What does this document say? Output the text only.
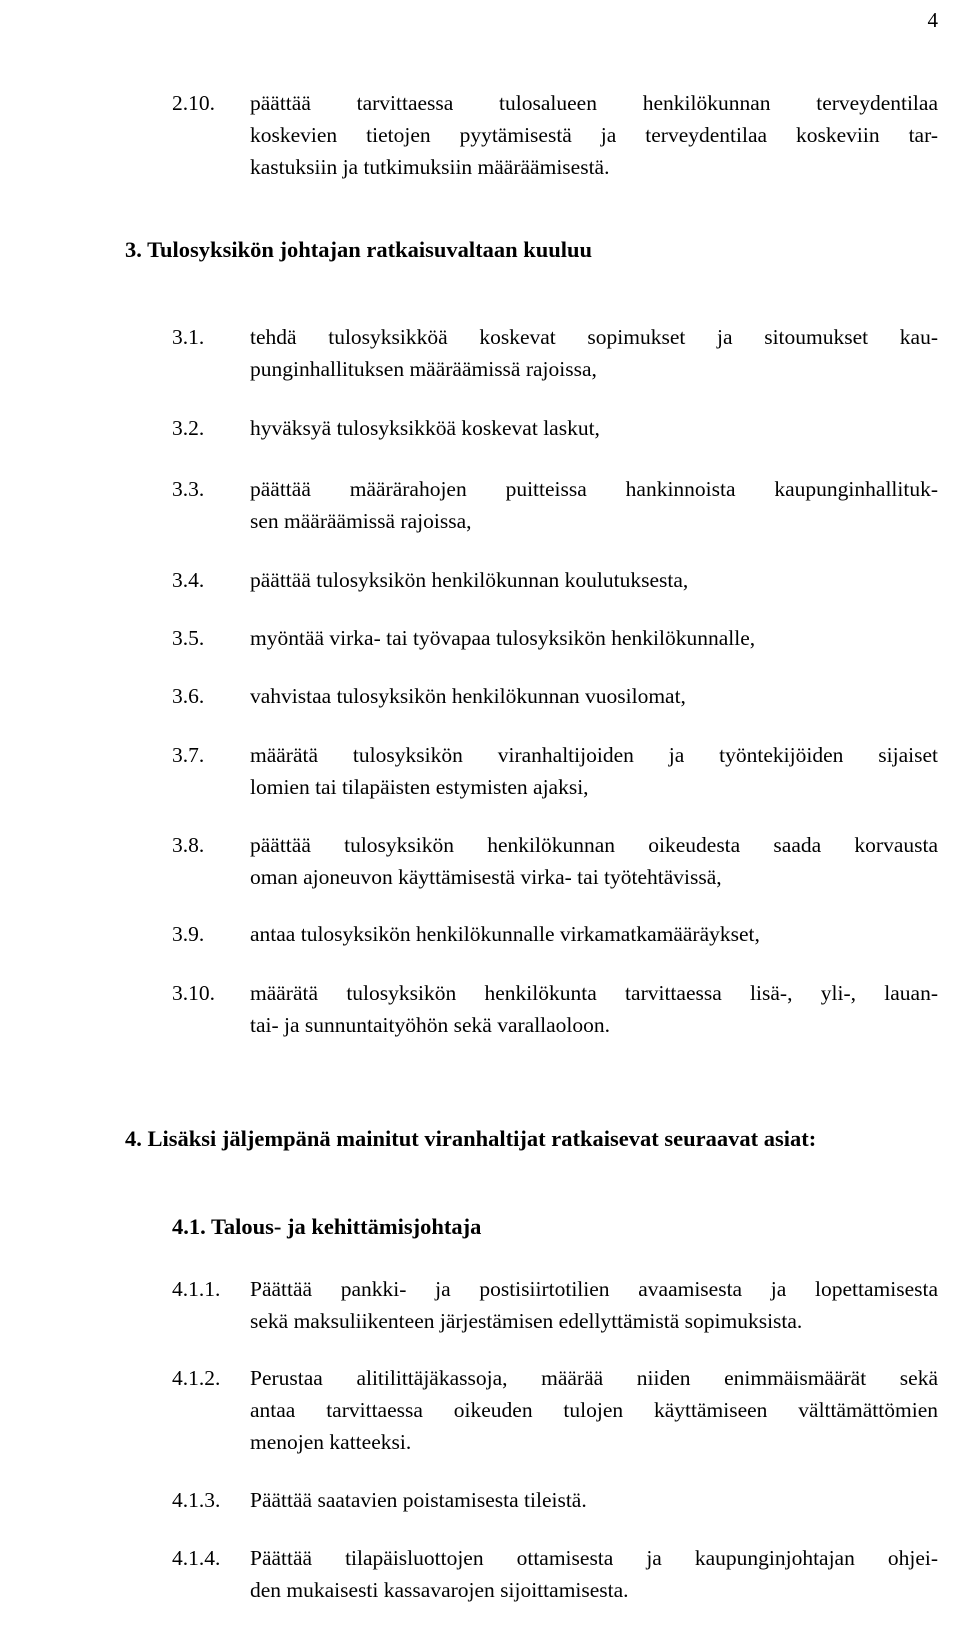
4
2.10. päättää tarvittaessa tulosalueen henkilökunnan terveydentilaa
koskevien tietojen pyytämisestä ja terveydentilaa koskeviin tar-
kastuksiin ja tutkimuksiin määräämisestä.
3. Tulosyksikön johtajan ratkaisuvaltaan kuuluu
3.1. tehdä tulosyksikköä koskevat sopimukset ja sitoumukset kau-
punginhallituksen määräämissä rajoissa,
3.2. hyväksyä tulosyksikköä koskevat laskut,
3.3. päättää määrärahojen puitteissa hankinnoista kaupunginhallituk-
sen määräämissä rajoissa,
3.4. päättää tulosyksikön henkilökunnan koulutuksesta,
3.5. myöntää virka- tai työvapaa tulosyksikön henkilökunnalle,
3.6. vahvistaa tulosyksikön henkilökunnan vuosilomat,
3.7. määrätä tulosyksikön viranhaltijoiden ja työntekijöiden sijaiset
lomien tai tilapäisten estymisten ajaksi,
3.8. päättää tulosyksikön henkilökunnan oikeudesta saada korvausta
oman ajoneuvon käyttämisestä virka- tai työtehtävissä,
3.9. antaa tulosyksikön henkilökunnalle virkamatkamääräykset,
3.10. määrätä tulosyksikön henkilökunta tarvittaessa lisä-, yli-, lauan-
tai- ja sunnuntaityöhön sekä varallaoloon.
4. Lisäksi jäljempänä mainitut viranhaltijat ratkaisevat seuraavat asiat:
4.1. Talous- ja kehittämisjohtaja
4.1.1. Päättää pankki- ja postisiirtotilien avaamisesta ja lopettamisesta
sekä maksuliikenteen järjestämisen edellyttämistä sopimuksista.
4.1.2. Perustaa alitilittäjäkassoja, määrää niiden enimmäismäärät sekä
antaa tarvittaessa oikeuden tulojen käyttämiseen välttämättömien
menojen katteeksi.
4.1.3. Päättää saatavien poistamisesta tileistä.
4.1.4. Päättää tilapäisluottojen ottamisesta ja kaupunginjohtajan ohjei-
den mukaisesti kassavarojen sijoittamisesta.
